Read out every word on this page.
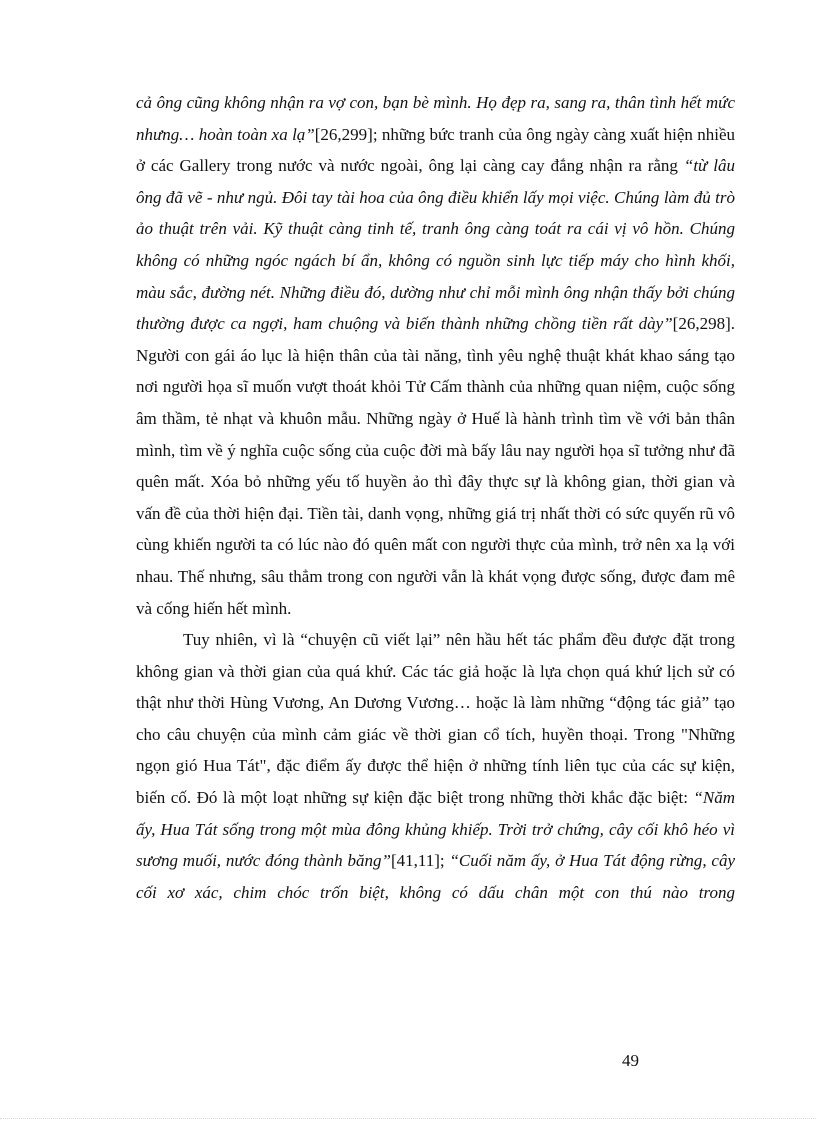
cả ông cũng không nhận ra vợ con, bạn bè mình. Họ đẹp ra, sang ra, thân tình hết mức nhưng… hoàn toàn xa lạ”[26,299]; những bức tranh của ông ngày càng xuất hiện nhiều ở các Gallery trong nước và nước ngoài, ông lại càng cay đắng nhận ra rằng “từ lâu ông đã vẽ - như ngủ. Đôi tay tài hoa của ông điều khiển lấy mọi việc. Chúng làm đủ trò ảo thuật trên vải. Kỹ thuật càng tinh tế, tranh ông càng toát ra cái vị vô hồn. Chúng không có những ngóc ngách bí ẩn, không có nguồn sinh lực tiếp máy cho hình khối, màu sắc, đường nét. Những điều đó, dường như chỉ mỗi mình ông nhận thấy bởi chúng thường được ca ngợi, ham chuộng và biến thành những chồng tiền rất dày”[26,298]. Người con gái áo lục là hiện thân của tài năng, tình yêu nghệ thuật khát khao sáng tạo nơi người họa sĩ muốn vượt thoát khỏi Tử Cấm thành của những quan niệm, cuộc sống âm thầm, tẻ nhạt và khuôn mẫu. Những ngày ở Huế là hành trình tìm về với bản thân mình, tìm về ý nghĩa cuộc sống của cuộc đời mà bấy lâu nay người họa sĩ tưởng như đã quên mất. Xóa bỏ những yếu tố huyền ảo thì đây thực sự là không gian, thời gian và vấn đề của thời hiện đại. Tiền tài, danh vọng, những giá trị nhất thời có sức quyến rũ vô cùng khiến người ta có lúc nào đó quên mất con người thực của mình, trở nên xa lạ với nhau. Thế nhưng, sâu thẳm trong con người vẫn là khát vọng được sống, được đam mê và cống hiến hết mình.

Tuy nhiên, vì là “chuyện cũ viết lại” nên hầu hết tác phẩm đều được đặt trong không gian và thời gian của quá khứ. Các tác giả hoặc là lựa chọn quá khứ lịch sử có thật như thời Hùng Vương, An Dương Vương… hoặc là làm những “động tác giả” tạo cho câu chuyện của mình cảm giác về thời gian cổ tích, huyền thoại. Trong "Những ngọn gió Hua Tát", đặc điểm ấy được thể hiện ở những tính liên tục của các sự kiện, biến cố. Đó là một loạt những sự kiện đặc biệt trong những thời khắc đặc biệt: “Năm ấy, Hua Tát sống trong một mùa đông khủng khiếp. Trời trở chứng, cây cối khô héo vì sương muối, nước đóng thành băng”[41,11]; “Cuối năm ấy, ở Hua Tát động rừng, cây cối xơ xác, chim chóc trốn biệt, không có dấu chân một con thú nào trong

49
